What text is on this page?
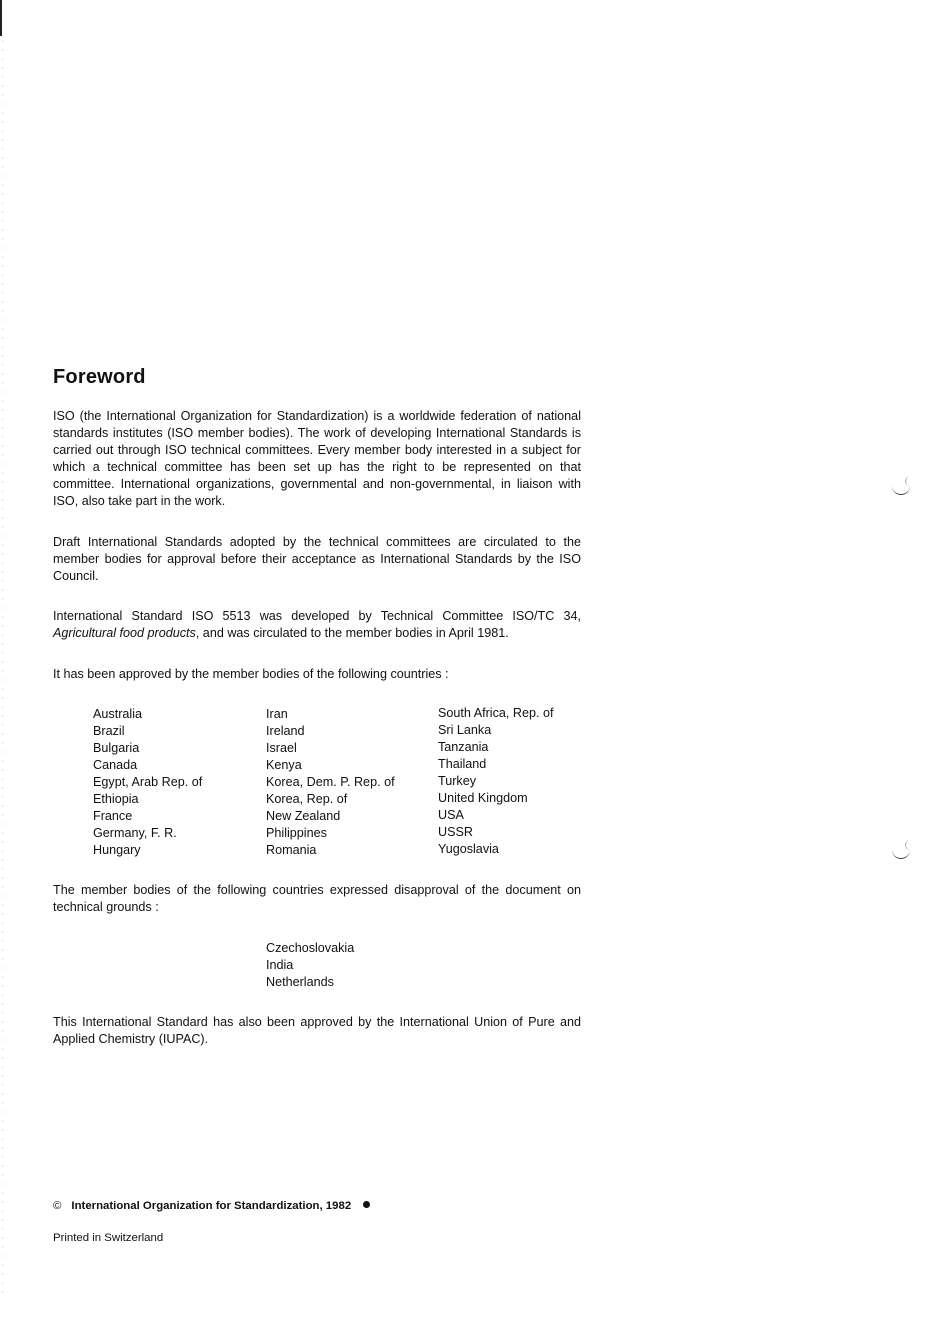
Foreword

ISO (the International Organization for Standardization) is a worldwide federation of national standards institutes (ISO member bodies). The work of developing International Standards is carried out through ISO technical committees. Every member body interested in a subject for which a technical committee has been set up has the right to be represented on that committee. International organizations, governmental and non-governmental, in liaison with ISO, also take part in the work.

Draft International Standards adopted by the technical committees are circulated to the member bodies for approval before their acceptance as International Standards by the ISO Council.

International Standard ISO 5513 was developed by Technical Committee ISO/TC 34, Agricultural food products, and was circulated to the member bodies in April 1981.

It has been approved by the member bodies of the following countries :

Australia
Brazil
Bulgaria
Canada
Egypt, Arab Rep. of
Ethiopia
France
Germany, F. R.
Hungary
Iran
Ireland
Israel
Kenya
Korea, Dem. P. Rep. of
Korea, Rep. of
New Zealand
Philippines
Romania
South Africa, Rep. of
Sri Lanka
Tanzania
Thailand
Turkey
United Kingdom
USA
USSR
Yugoslavia

The member bodies of the following countries expressed disapproval of the document on technical grounds :

Czechoslovakia
India
Netherlands

This International Standard has also been approved by the International Union of Pure and Applied Chemistry (IUPAC).

© International Organization for Standardization, 1982
Printed in Switzerland
